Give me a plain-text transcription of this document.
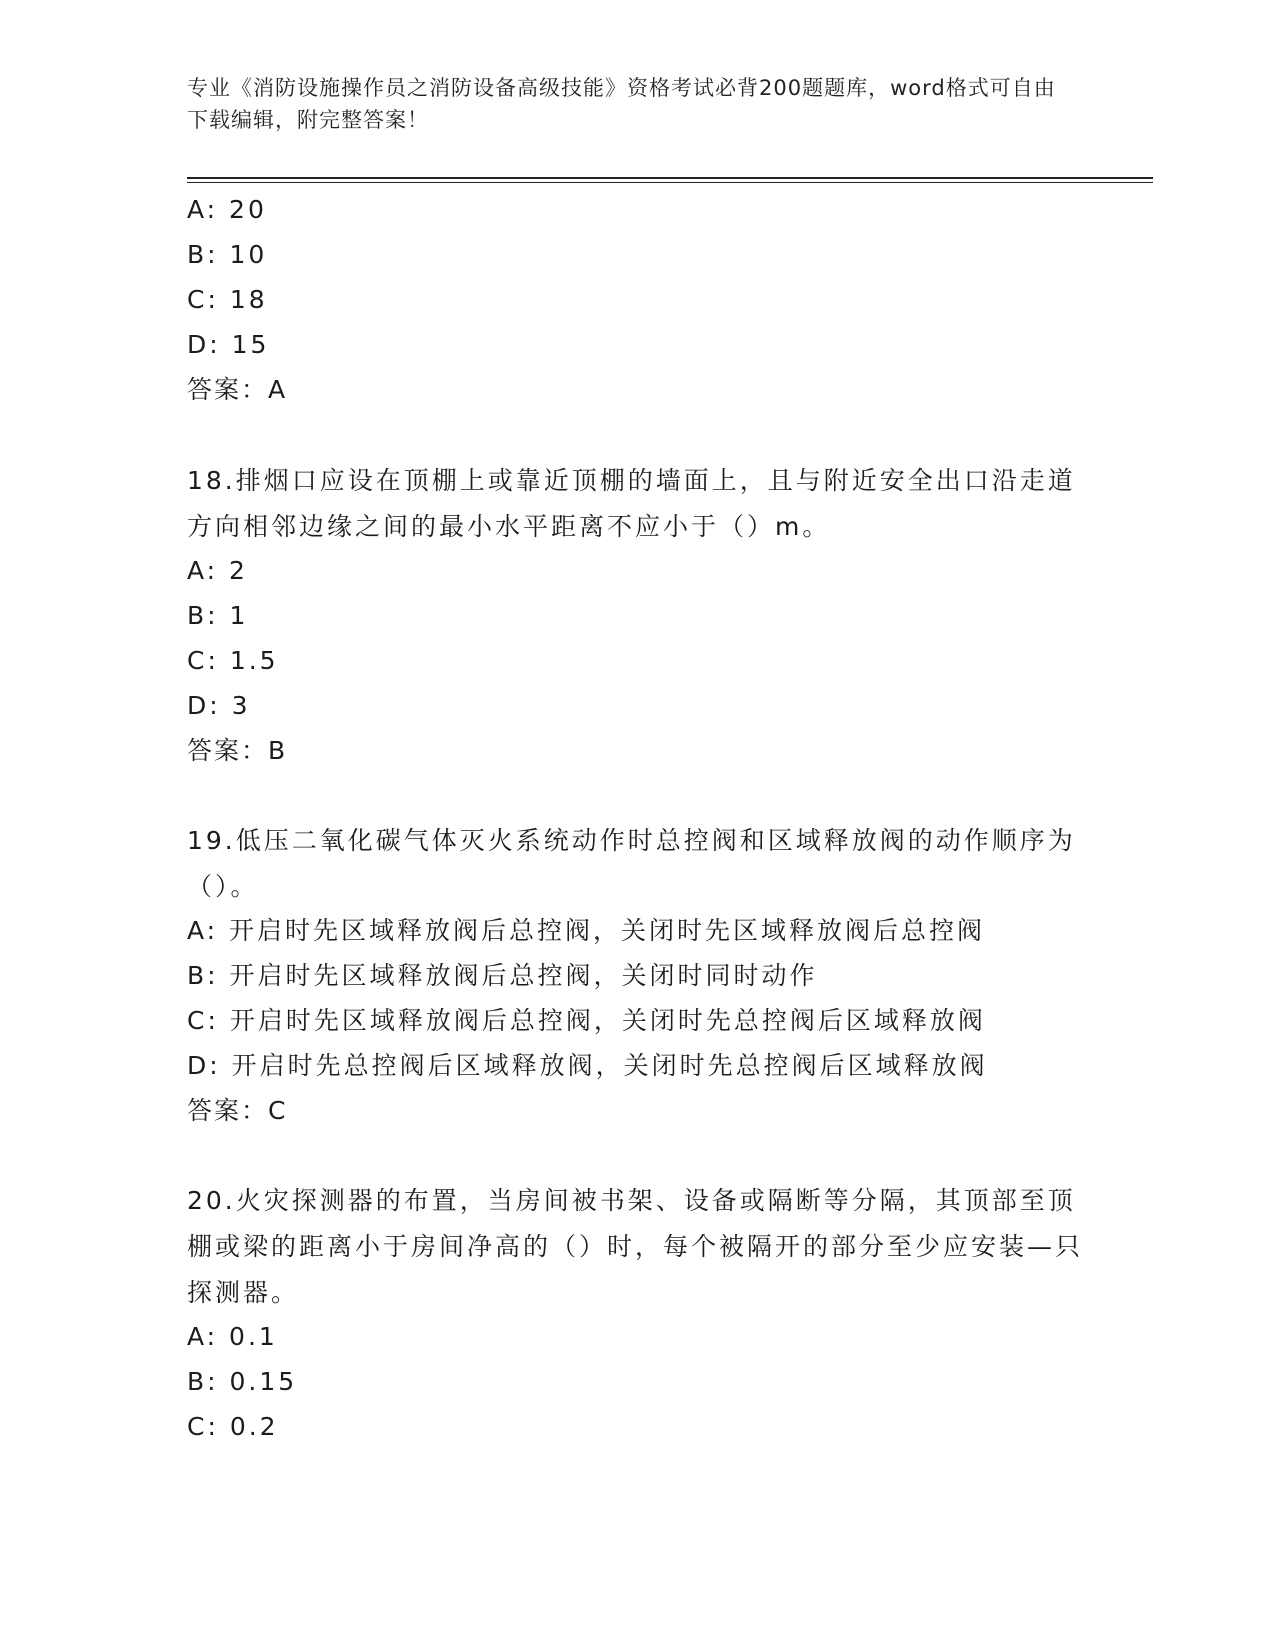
专业《消防设施操作员之消防设备高级技能》资格考试必背200题题库，word格式可自由下载编辑，附完整答案！
A: 20
B: 10
C: 18
D: 15
答案：A
18.排烟口应设在顶棚上或靠近顶棚的墙面上，且与附近安全出口沿走道方向相邻边缘之间的最小水平距离不应小于（）m。
A: 2
B: 1
C: 1.5
D: 3
答案：B
19.低压二氧化碳气体灭火系统动作时总控阀和区域释放阀的动作顺序为（）。
A: 开启时先区域释放阀后总控阀，关闭时先区域释放阀后总控阀
B: 开启时先区域释放阀后总控阀，关闭时同时动作
C: 开启时先区域释放阀后总控阀，关闭时先总控阀后区域释放阀
D: 开启时先总控阀后区域释放阀，关闭时先总控阀后区域释放阀
答案：C
20.火灾探测器的布置，当房间被书架、设备或隔断等分隔，其顶部至顶棚或梁的距离小于房间净高的（）时，每个被隔开的部分至少应安装—只探测器。
A: 0.1
B: 0.15
C: 0.2
